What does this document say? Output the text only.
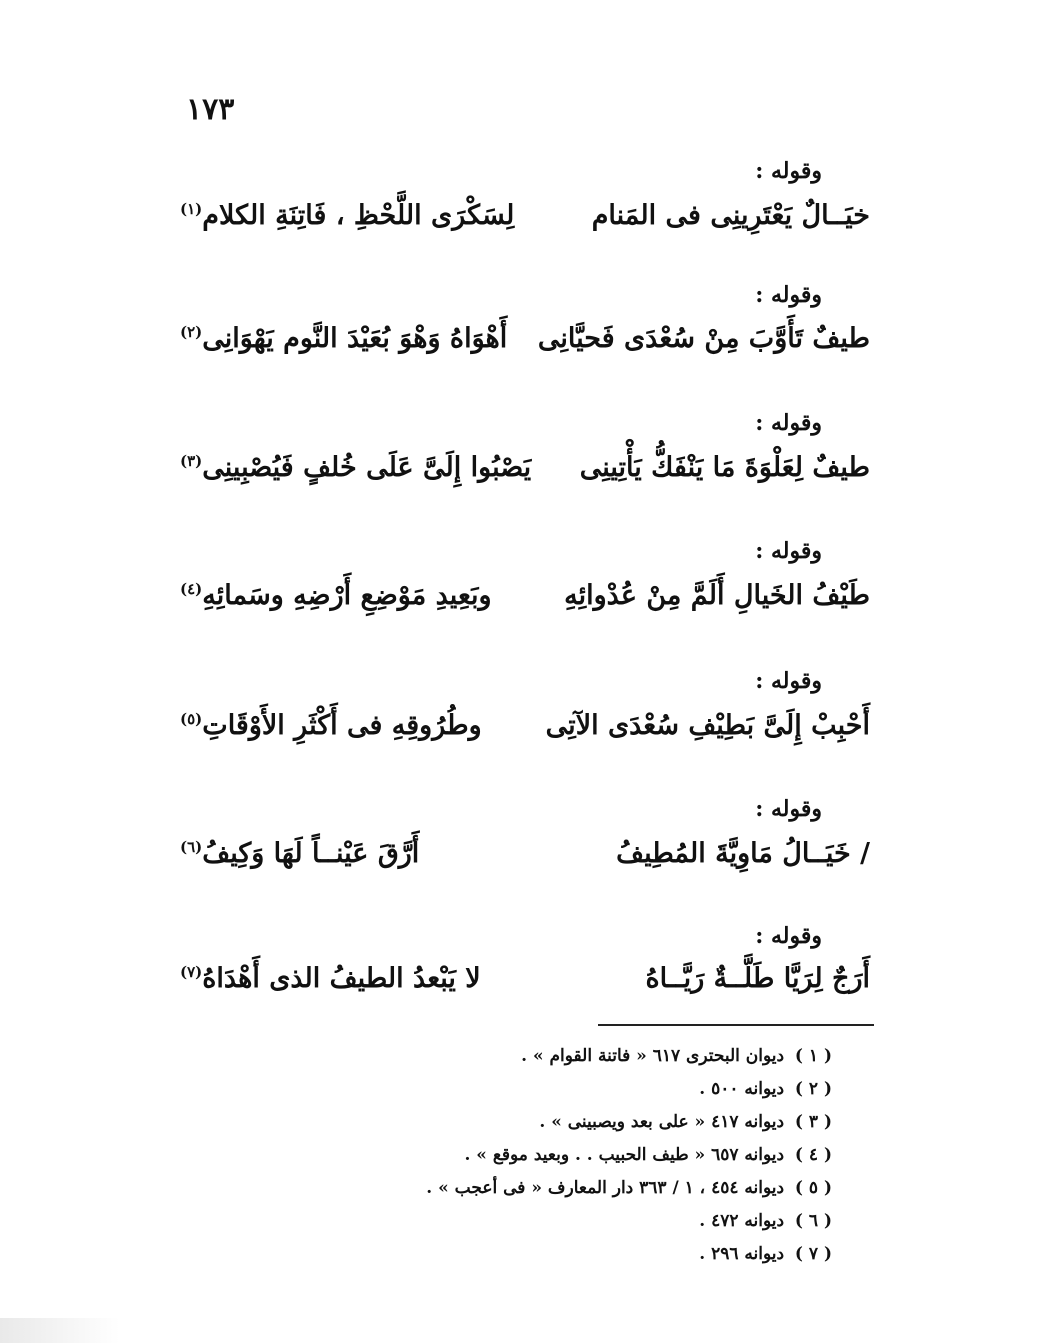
١٧٣
وقوله :
خيَــالٌ يَعْتَرِينِى فى المَنام
لِسَكْرَى اللَّحْظِ ، فَاتِنَةِ الكلام$^{(١)}$
وقوله :
طيفٌ تَأَوَّبَ مِنْ سُعْدَى فَحيَّانِى
أَهْوَاهُ وَهْوَ بُعَيْدَ النَّوم يَهْوَانِى$^{(٢)}$
وقوله :
طيفٌ لِعَلْوَةَ مَا يَنْفَكُّ يَأْتِينِى
يَصْبُوا إِلَىَّ عَلَى خُلفٍ فَيُصْبِينِى$^{(٣)}$
وقوله :
طَيْفُ الخَيالِ أَلَمَّ مِنْ عُدْوائِهِ
وبَعِيدِ مَوْضِعِ أَرْضِهِ وسَمائِهِ$^{(٤)}$
وقوله :
أَحْبِبْ إِلَىَّ بَطِيْفِ سُعْدَى الآتِى
وطُرُوقِهِ فى أَكْثَرِ الأَوْقَاتِ$^{(٥)}$
وقوله :
/ خَيَــالُ مَاوِيَّةَ المُطِيفُ
أَرَّقَ عَيْنــاً لَهَا وَكِيفُ$^{(٦)}$
وقوله :
أَرَجٌ لِرَيَّا طَلَّــةٌ رَيَّــاهُ
لا يَبْعدُ الطيفُ الذى أَهْدَاهُ$^{(٧)}$
( ١ ) ديوان البحترى ٦١٧ « فاتنة القوام » .
( ٢ ) ديوانه ٥٠٠ .
( ٣ ) ديوانه ٤١٧ « على بعد ويصبينى » .
( ٤ ) ديوانه ٦٥٧ « طيف الحبيب . . وبعيد موقع » .
( ٥ ) ديوانه ٤٥٤ ، ١ / ٣٦٣ دار المعارف « فى أعجب » .
( ٦ ) ديوانه ٤٧٢ .
( ٧ ) ديوانه ٢٩٦ .
